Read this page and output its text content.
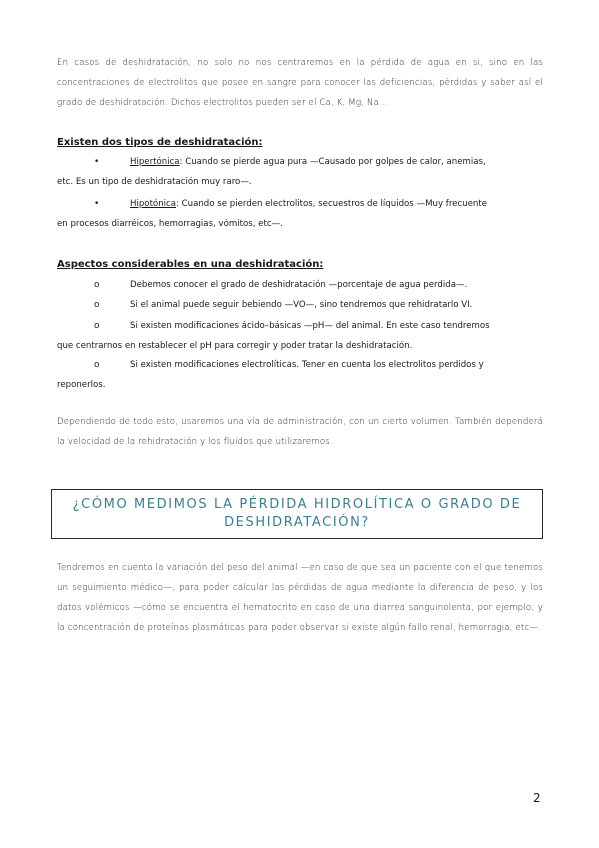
En casos de deshidratación, no solo no nos centraremos en la pérdida de agua en si, sino en las concentraciones de electrolitos que posee en sangre para conocer las deficiencias, pérdidas y saber así el grado de deshidratación. Dichos electrolitos pueden ser el Ca, K, Mg, Na…

Existen dos tipos de deshidratación:
•	Hipertónica: Cuando se pierde agua pura —Causado por golpes de calor, anemias,
etc. Es un tipo de deshidratación muy raro—.
•	Hipotónica: Cuando se pierden electrolitos, secuestros de líquidos —Muy frecuente
en procesos diarréicos, hemorragias, vómitos, etc—.
Aspectos considerables en una deshidratación:
o	Debemos conocer el grado de deshidratación —porcentaje de agua perdida—.
o	Si el animal puede seguir bebiendo —VO—, sino tendremos que rehidratarlo VI.
o	Si existen modificaciones ácido–básicas —pH— del animal. En este caso tendremos
que centrarnos en restablecer el pH para corregir y poder tratar la deshidratación.
o	Si existen modificaciones electrolíticas. Tener en cuenta los electrolitos perdidos y
reponerlos.

Dependiendo de todo esto, usaremos una vía de administración, con un cierto volumen. También dependerá la velocidad de la rehidratación y los fluidos que utilizaremos.

¿CÓMO MEDIMOS LA PÉRDIDA HIDROLÍTICA O GRADO DE
DESHIDRATACIÓN?

Tendremos en cuenta la variación del peso del animal —en caso de que sea un paciente con el que tenemos un seguimiento médico—, para poder calcular las pérdidas de agua mediante la diferencia de peso, y los datos volémicos —cómo se encuentra el hematocrito en caso de una diarrea sanguinolenta, por ejemplo; y la concentración de proteínas plasmáticas para poder observar si existe algún fallo renal, hemorragia, etc—.

2
